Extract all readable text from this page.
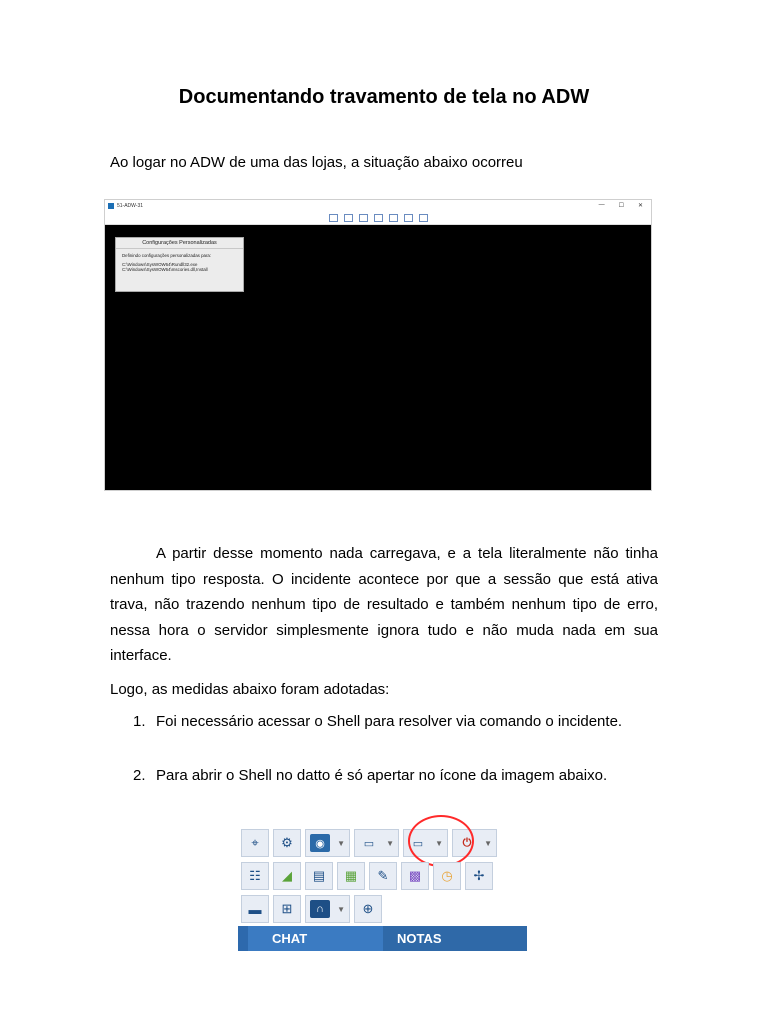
Documentando travamento de tela no ADW
Ao logar no ADW de uma das lojas, a situação abaixo ocorreu
51-ADW-31	— ☐ ✕
Configurações Personalizadas
Definindo configurações personalizadas para:
C:\Windows\SysWOW64\Rundll32.exe
C:\Windows\SysWOW64\mscories.dll,Install
A partir desse momento nada carregava, e a tela literalmente não tinha nenhum tipo resposta. O incidente acontece por que a sessão que está ativa trava, não trazendo nenhum tipo de resultado e também nenhum tipo de erro, nessa hora o servidor simplesmente ignora tudo e não muda nada em sua interface.
Logo, as medidas abaixo foram adotadas:
1. Foi necessário acessar o Shell para resolver via comando o incidente.
2. Para abrir o Shell no datto é só apertar no ícone da imagem abaixo.
⌖ ⚙	◉	▼	▭	▼	▭	▼	⏻	▼
☷ ◢ ▤ ▦ ✎ ▩ ◷ ✢
▬ ⊞	∩	▼ ⊕
CHAT	NOTAS
